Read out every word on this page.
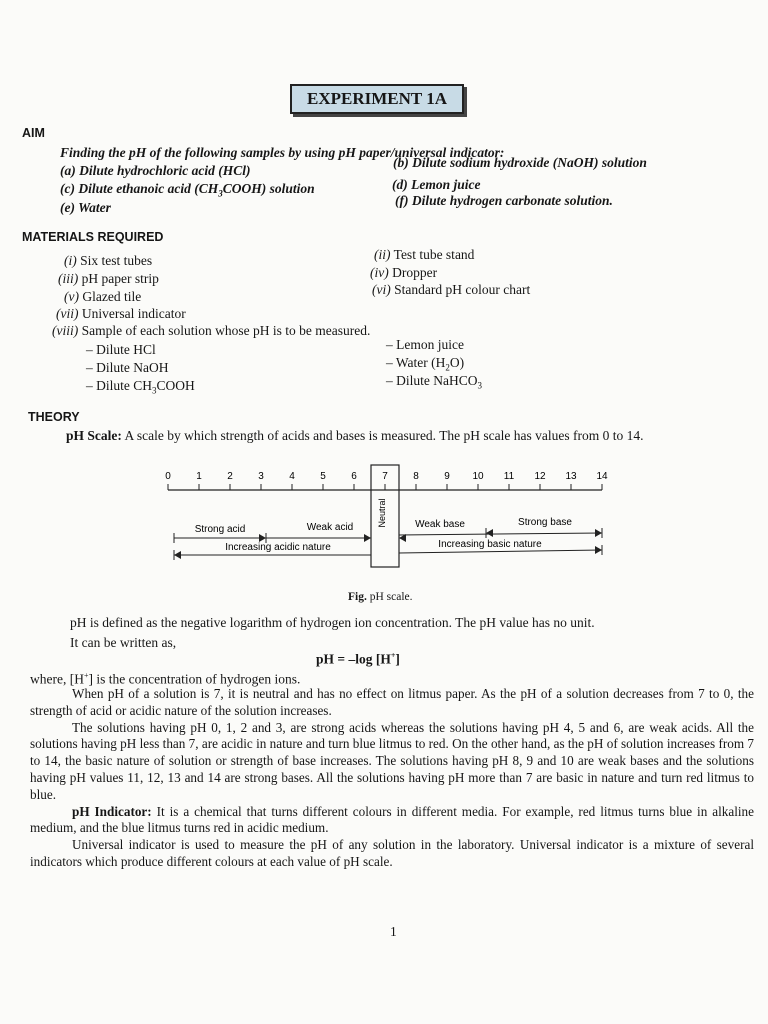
EXPERIMENT 1A
AIM
Finding the pH of the following samples by using pH paper/universal indicator:
(a) Dilute hydrochloric acid (HCl)
(b) Dilute sodium hydroxide (NaOH) solution
(c) Dilute ethanoic acid $(CH_3COOH)$ solution	(d) Lemon juice
(e) Water	(f) Dilute hydrogen carbonate solution.
MATERIALS REQUIRED
(i) Six test tubes	(ii) Test tube stand
(iii) pH paper strip	(iv) Dropper
(v) Glazed tile	(vi) Standard pH colour chart
(vii) Universal indicator
(viii) Sample of each solution whose pH is to be measured.
– Dilute HCl	– Lemon juice
– Dilute NaOH	– Water $(H_2O)$
– Dilute $CH_3COOH$	– Dilute NaHCO$_3$
THEORY
pH Scale: A scale by which strength of acids and bases is measured. The pH scale has values from 0 to 14.
0	1	2	3	4	5	6	7	8	9 10 11 12 13 14
Neutral
Strong acid	Weak acid	Weak base	Strong base
Increasing acidic nature	Increasing basic nature
Fig. pH scale.
pH is defined as the negative logarithm of hydrogen ion concentration. The pH value has no unit.
It can be written as,
pH = –log [H+]
where, [H+] is the concentration of hydrogen ions.

When pH of a solution is 7, it is neutral and has no effect on litmus paper. As the pH of a solution decreases from 7 to 0, the strength of acid or acidic nature of the solution increases.

The solutions having pH 0, 1, 2 and 3, are strong acids whereas the solutions having pH 4, 5 and 6, are weak acids. All the solutions having pH less than 7, are acidic in nature and turn blue litmus to red. On the other hand, as the pH of solution increases from 7 to 14, the basic nature of solution or strength of base increases. The solutions having pH 8, 9 and 10 are weak bases and the solutions having pH values 11, 12, 13 and 14 are strong bases. All the solutions having pH more than 7 are basic in nature and turn red litmus to blue.

pH Indicator: It is a chemical that turns different colours in different media. For example, red litmus turns blue in alkaline medium, and the blue litmus turns red in acidic medium.

Universal indicator is used to measure the pH of any solution in the laboratory. Universal indicator is a mixture of several indicators which produce different colours at each value of pH scale.

1
